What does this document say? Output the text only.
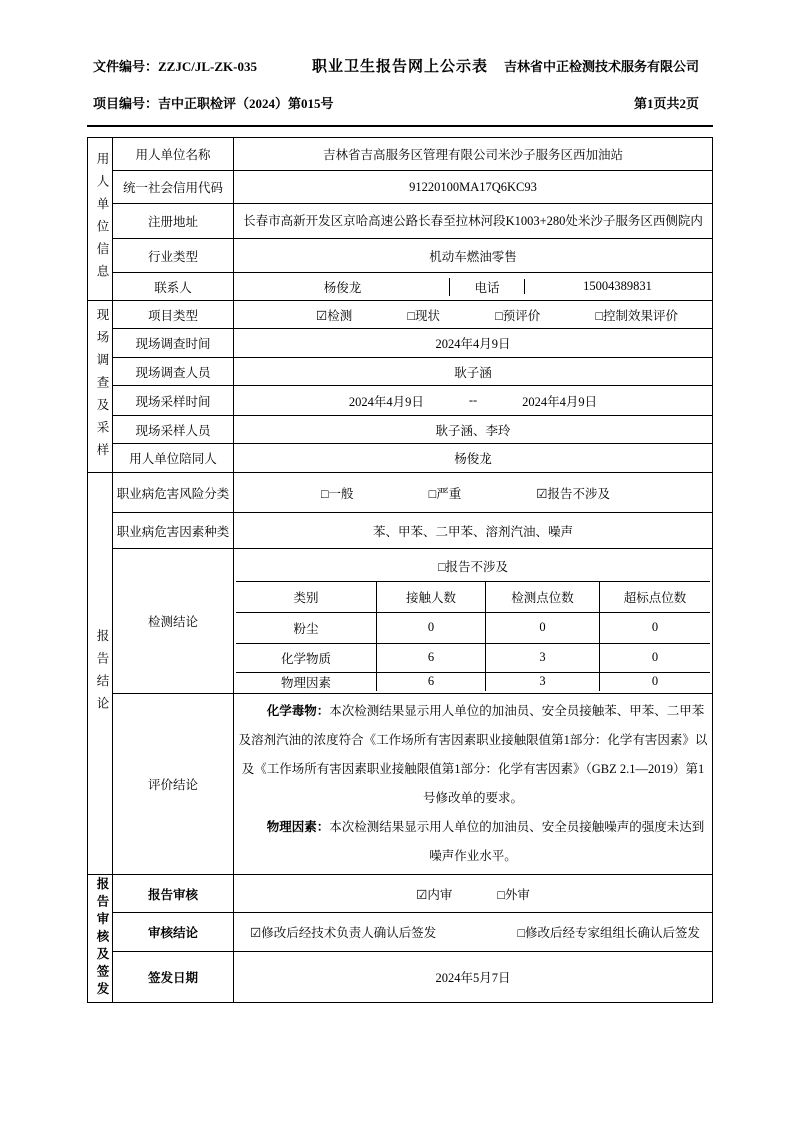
文件编号：ZZJC/JL-ZK-035	职业卫生报告网上公示表 吉林省中正检测技术服务有限公司
项目编号：吉中正职检评（2024）第015号	第1页共2页
用人单位信息	用人单位名称	吉林省吉高服务区管理有限公司米沙子服务区西加油站
	统一社会信用代码	91220100MA17Q6KC93
	注册地址	长春市高新开发区京哈高速公路长春至拉林河段K1003+280处米沙子服务区西侧院内
	行业类型	机动车燃油零售
	联系人	杨俊龙 电话 15004389831

现场调查及采样	项目类型	☑检测 □现状 □预评价 □控制效果评价

	现场调查时间	2024年4月9日
	现场调查人员	耿子涵
	现场采样时间	2024年4月9日 -- 2024年4月9日

	现场采样人员	耿子涵、李玲
	用人单位陪同人	杨俊龙

报告结论	职业病危害风险分类	□一般 □严重 ☑报告不涉及

	职业病危害因素种类	苯、甲苯、二甲苯、溶剂汽油、噪声
检测结论	
□报告不涉及
类别	接触人数	检测点位数	超标点位数
粉尘	0	0	0
化学物质	6	3	0
物理因素	6	3	0

	评价结论	化学毒物：本次检测结果显示用人单位的加油员、安全员接触苯、甲苯、二甲苯及溶剂汽油的浓度符合《工作场所有害因素职业接触限值第1部分：化学有害因素》以及《工作场所有害因素职业接触限值第1部分：化学有害因素》（GBZ 2.1—2019）第1号修改单的要求。

物理因素：本次检测结果显示用人单位的加油员、安全员接触噪声的强度未达到噪声作业水平。

报告审核及签发	报告审核	☑内审 □外审

	审核结论	☑修改后经技术负责人确认后签发 □修改后经专家组组长确认后签发

	签发日期	2024年5月7日
